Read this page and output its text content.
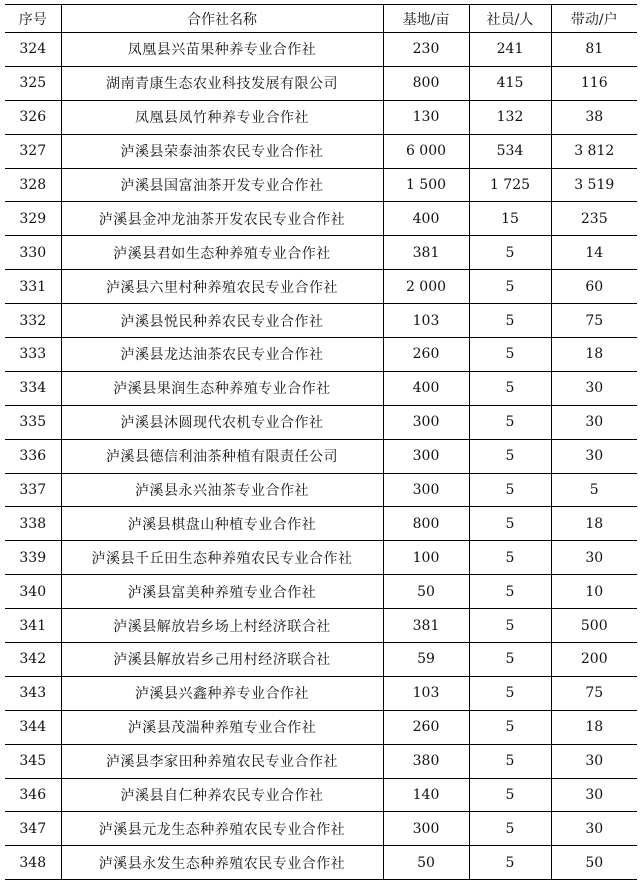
序号	合作社名称	基地/亩	社员/人	带动/户
324	凤凰县兴苗果种养专业合作社	230	241	81
325	湖南青康生态农业科技发展有限公司	800	415	116
326	凤凰县凤竹种养专业合作社	130	132	38
327	泸溪县荣泰油茶农民专业合作社	6 000	534	3 812
328	泸溪县国富油茶开发专业合作社	1 500	1 725	3 519
329	泸溪县金冲龙油茶开发农民专业合作社	400	15	235
330	泸溪县君如生态种养殖专业合作社	381	5	14
331	泸溪县六里村种养殖农民专业合作社	2 000	5	60
332	泸溪县悦民种养农民专业合作社	103	5	75
333	泸溪县龙达油茶农民专业合作社	260	5	18
334	泸溪县果润生态种养殖专业合作社	400	5	30
335	泸溪县沐圆现代农机专业合作社	300	5	30
336	泸溪县德信利油茶种植有限责任公司	300	5	30
337	泸溪县永兴油茶专业合作社	300	5	5
338	泸溪县棋盘山种植专业合作社	800	5	18
339	泸溪县千丘田生态种养殖农民专业合作社	100	5	30
340	泸溪县富美种养殖专业合作社	50	5	10
341	泸溪县解放岩乡场上村经济联合社	381	5	500
342	泸溪县解放岩乡己用村经济联合社	59	5	200
343	泸溪县兴鑫种养专业合作社	103	5	75
344	泸溪县茂湍种养殖专业合作社	260	5	18
345	泸溪县李家田种养殖农民专业合作社	380	5	30
346	泸溪县自仁种养农民专业合作社	140	5	30
347	泸溪县元龙生态种养殖农民专业合作社	300	5	30
348	泸溪县永发生态种养殖农民专业合作社	50	5	50
